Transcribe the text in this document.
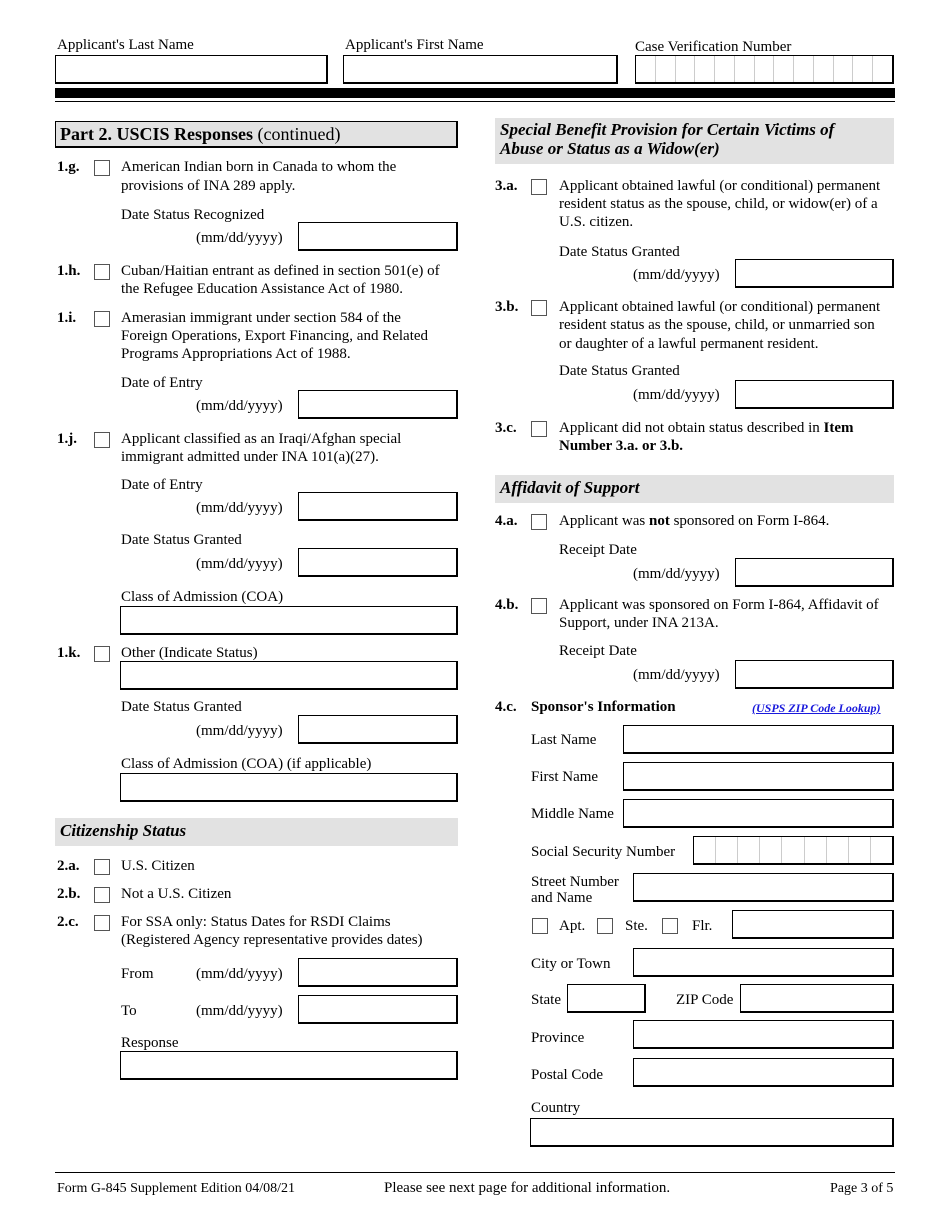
Applicant's Last Name	Applicant's First Name	Case Verification Number
Part 2. USCIS Responses (continued)
1.g.	American Indian born in Canada to whom the
provisions of INA 289 apply.
Date Status Recognized
(mm/dd/yyyy)
1.h.	Cuban/Haitian entrant as defined in section 501(e) of
the Refugee Education Assistance Act of 1980.
1.i.	Amerasian immigrant under section 584 of the
Foreign Operations, Export Financing, and Related
Programs Appropriations Act of 1988.
Date of Entry
(mm/dd/yyyy)
1.j.	Applicant classified as an Iraqi/Afghan special
immigrant admitted under INA 101(a)(27).
Date of Entry
(mm/dd/yyyy)
Date Status Granted
(mm/dd/yyyy)
Class of Admission (COA)
1.k.	Other (Indicate Status)
Date Status Granted
(mm/dd/yyyy)
Class of Admission (COA) (if applicable)
Citizenship Status
2.a.	U.S. Citizen
2.b.	Not a U.S. Citizen
2.c.	For SSA only: Status Dates for RSDI Claims
(Registered Agency representative provides dates)
From	(mm/dd/yyyy)
To	(mm/dd/yyyy)
Response
Special Benefit Provision for Certain Victims of
Abuse or Status as a Widow(er)
3.a.	Applicant obtained lawful (or conditional) permanent
resident status as the spouse, child, or widow(er) of a
U.S. citizen.
Date Status Granted
(mm/dd/yyyy)
3.b.	Applicant obtained lawful (or conditional) permanent
resident status as the spouse, child, or unmarried son
or daughter of a lawful permanent resident.
Date Status Granted
(mm/dd/yyyy)
3.c.	Applicant did not obtain status described in Item
Number 3.a. or 3.b.
Affidavit of Support
4.a.	Applicant was not sponsored on Form I-864.
Receipt Date
(mm/dd/yyyy)
4.b.	Applicant was sponsored on Form I-864, Affidavit of
Support, under INA 213A.
Receipt Date
(mm/dd/yyyy)
4.c. Sponsor's Information	(USPS ZIP Code Lookup)
Last Name
First Name
Middle Name
Social Security Number
Street Number
and Name
Apt.	Ste.	Flr.
City or Town
State	ZIP Code
Province
Postal Code
Country
Form G-845 Supplement Edition 04/08/21	Please see next page for additional information.	Page 3 of 5
